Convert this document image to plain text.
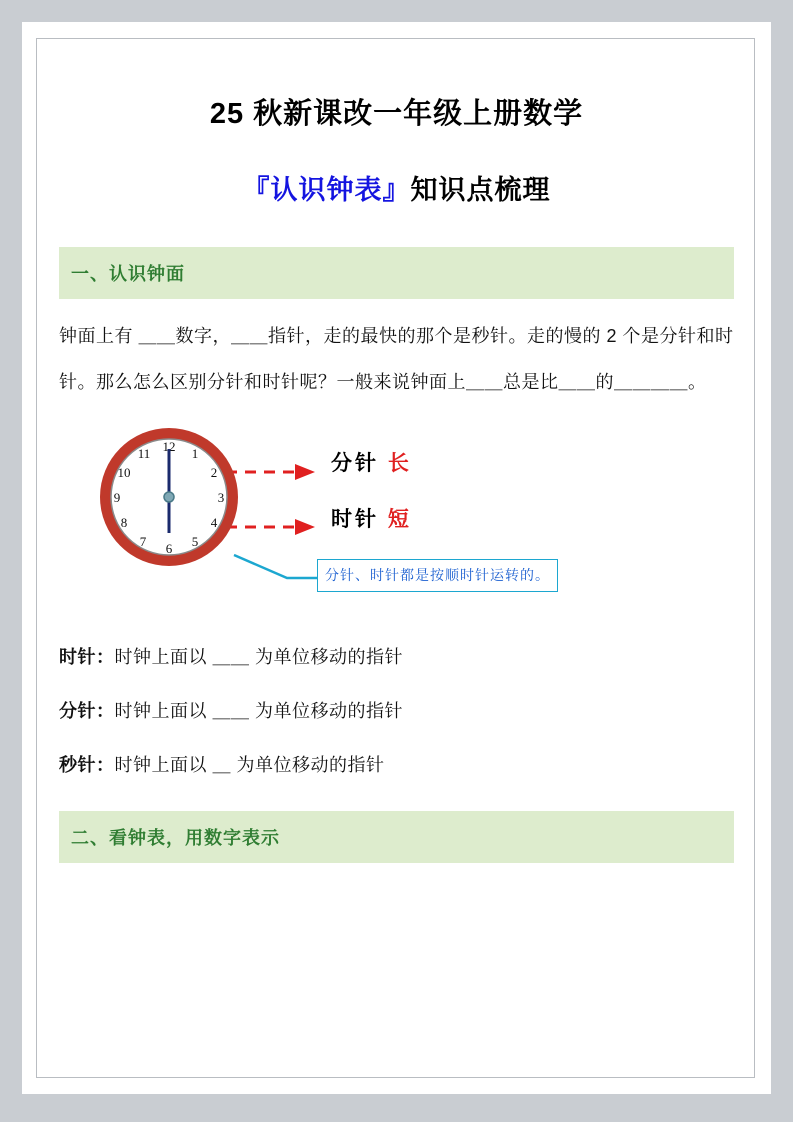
25 秋新课改一年级上册数学
『认识钟表』知识点梳理
一、认识钟面
钟面上有 ＿＿数字，＿＿指针，走的最快的那个是秒针。走的慢的 2 个是分针和时针。那么怎么区别分针和时针呢？一般来说钟面上＿＿总是比＿＿的＿＿＿＿。
12 1
2
3
4
5
6
7
8
9
10
11	分针 长
时针 短
分针、时针都是按顺时针运转的。
时针：时钟上面以 ＿＿ 为单位移动的指针
分针：时钟上面以 ＿＿ 为单位移动的指针
秒针：时钟上面以 ＿ 为单位移动的指针
二、看钟表，用数字表示
